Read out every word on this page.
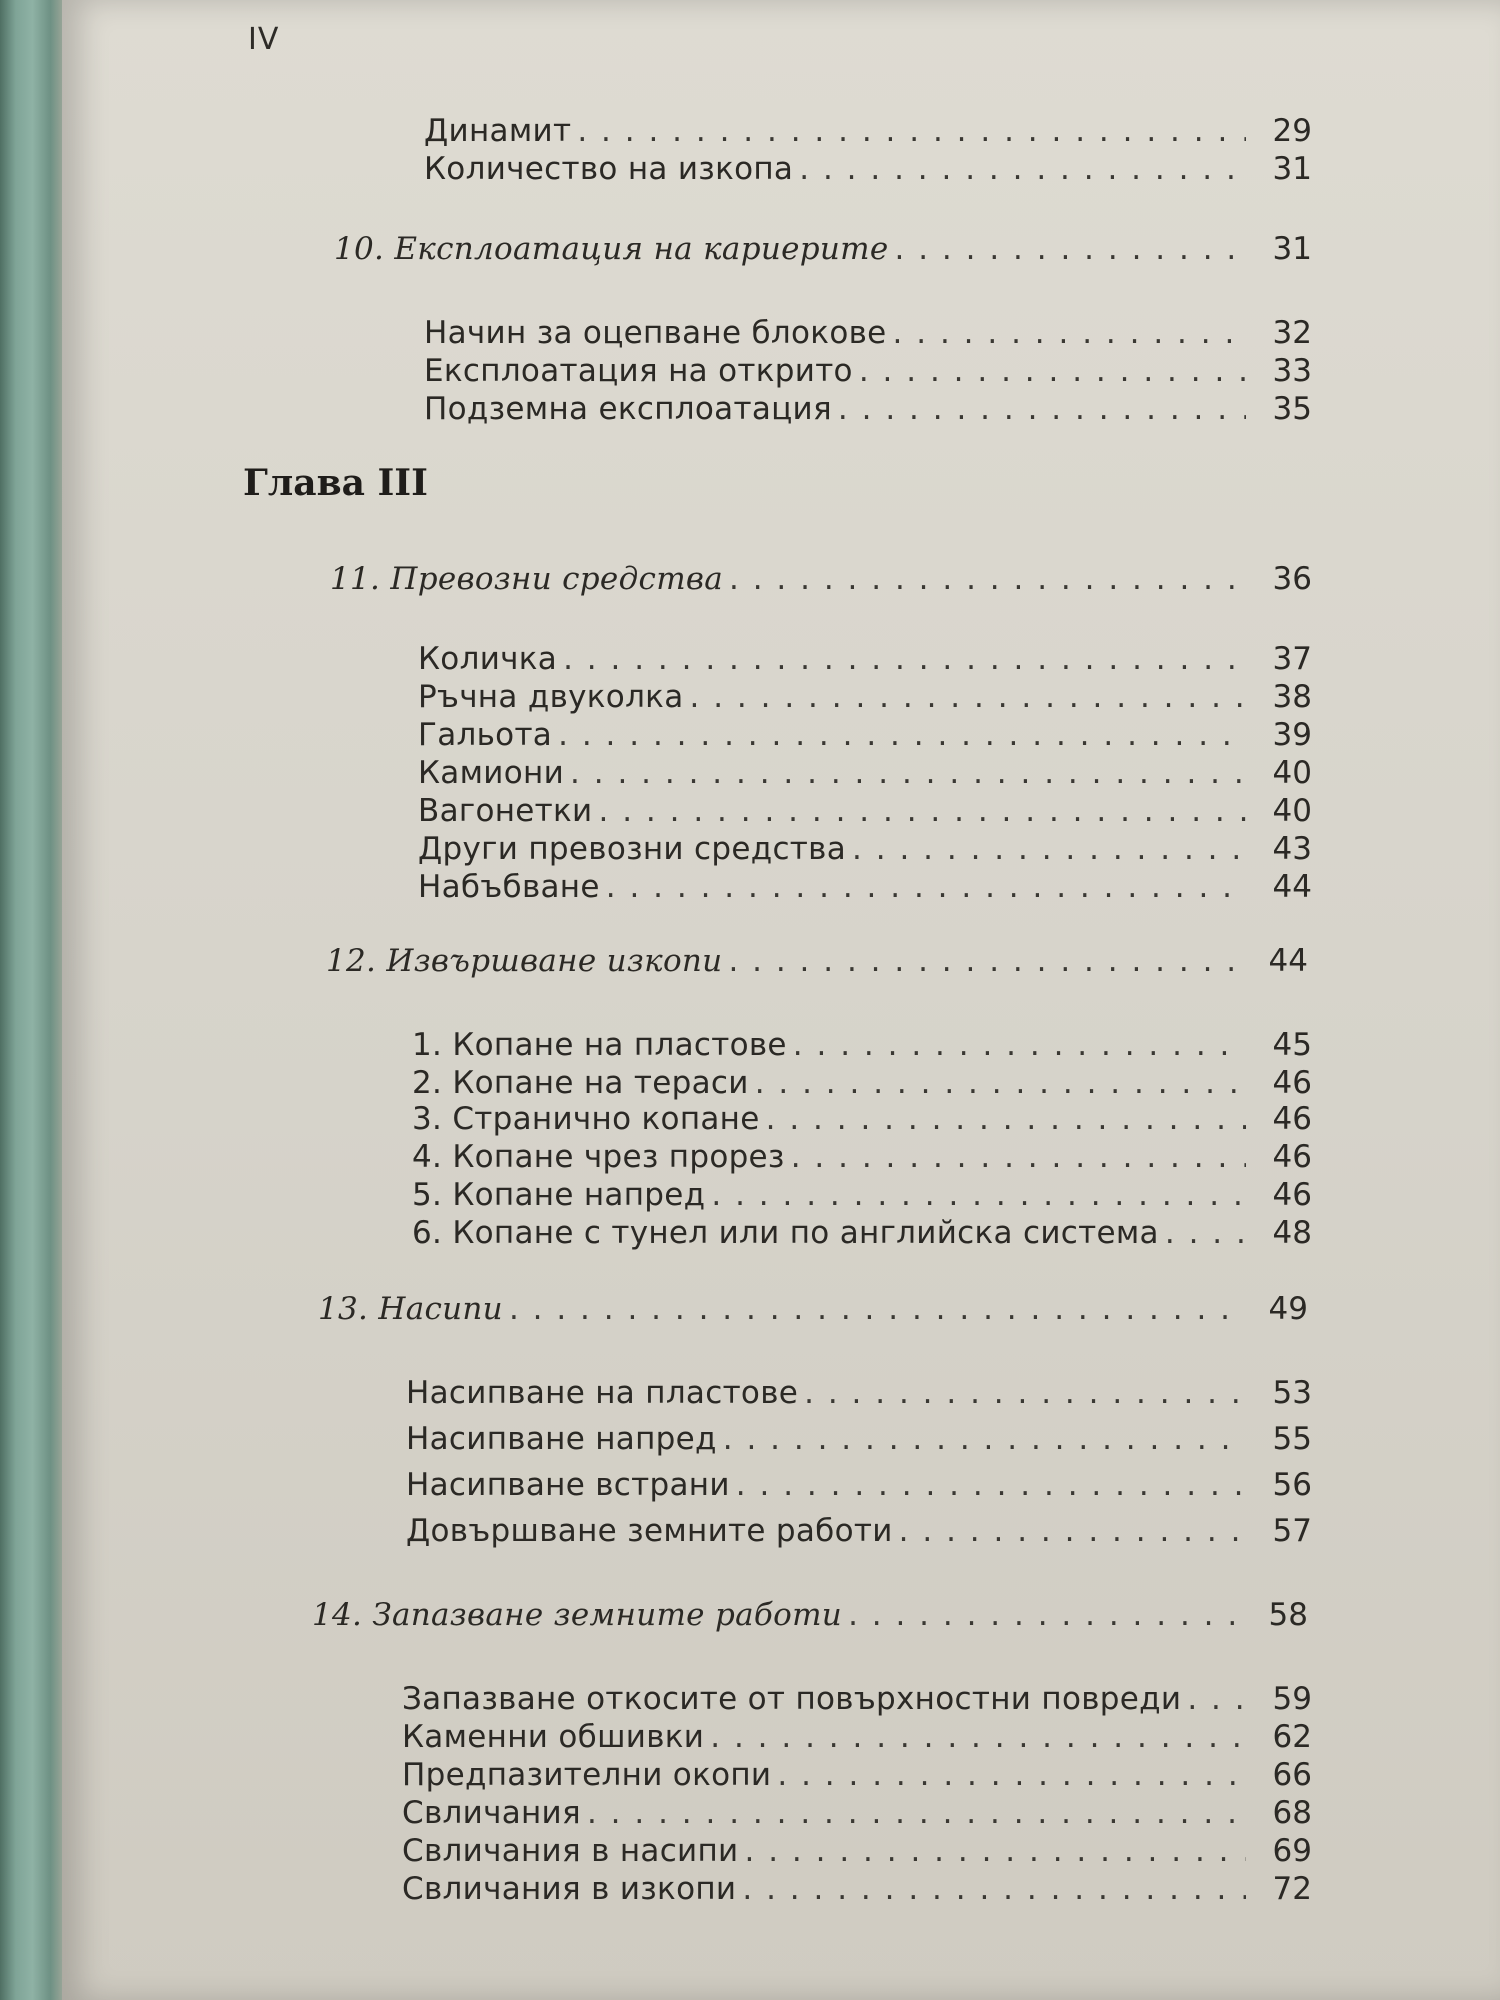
IV
Динамит . . .	29
Количество на изкопа . . .	31
10. Експлоатация на кариерите . . .	31
Начин за оцепване блокове . . .	32
Експлоатация на открито . . .	33
Подземна експлоатация . . .	35
Глава III
11. Превозни средства . . .	36
Количка . . .	37
Ръчна двуколка . . .	38
Гальота . . .	39
Камиони . . .	40
Вагонетки . . .	40
Други превозни средства . . .	43
Набъбване . . .	44
12. Извършване изкопи . . .	44
1. Копане на пластове . . .	45
2. Копане на тераси . . .	46
3. Странично копане . . .	46
4. Копане чрез прорез . . .	46
5. Копане напред . . .	46
6. Копане с тунел или по английска система . . .	48
13. Насипи . . .	49
Насипване на пластове . . .	53
Насипване напред . . .	55
Насипване встрани . . .	56
Довършване земните работи . . .	57
14. Запазване земните работи . . .	58
Запазване откосите от повърхностни повреди . . .	59
Каменни обшивки . . .	62
Предпазителни окопи . . .	66
Свличания . . .	68
Свличания в насипи . . .	69
Свличания в изкопи . . .	72
